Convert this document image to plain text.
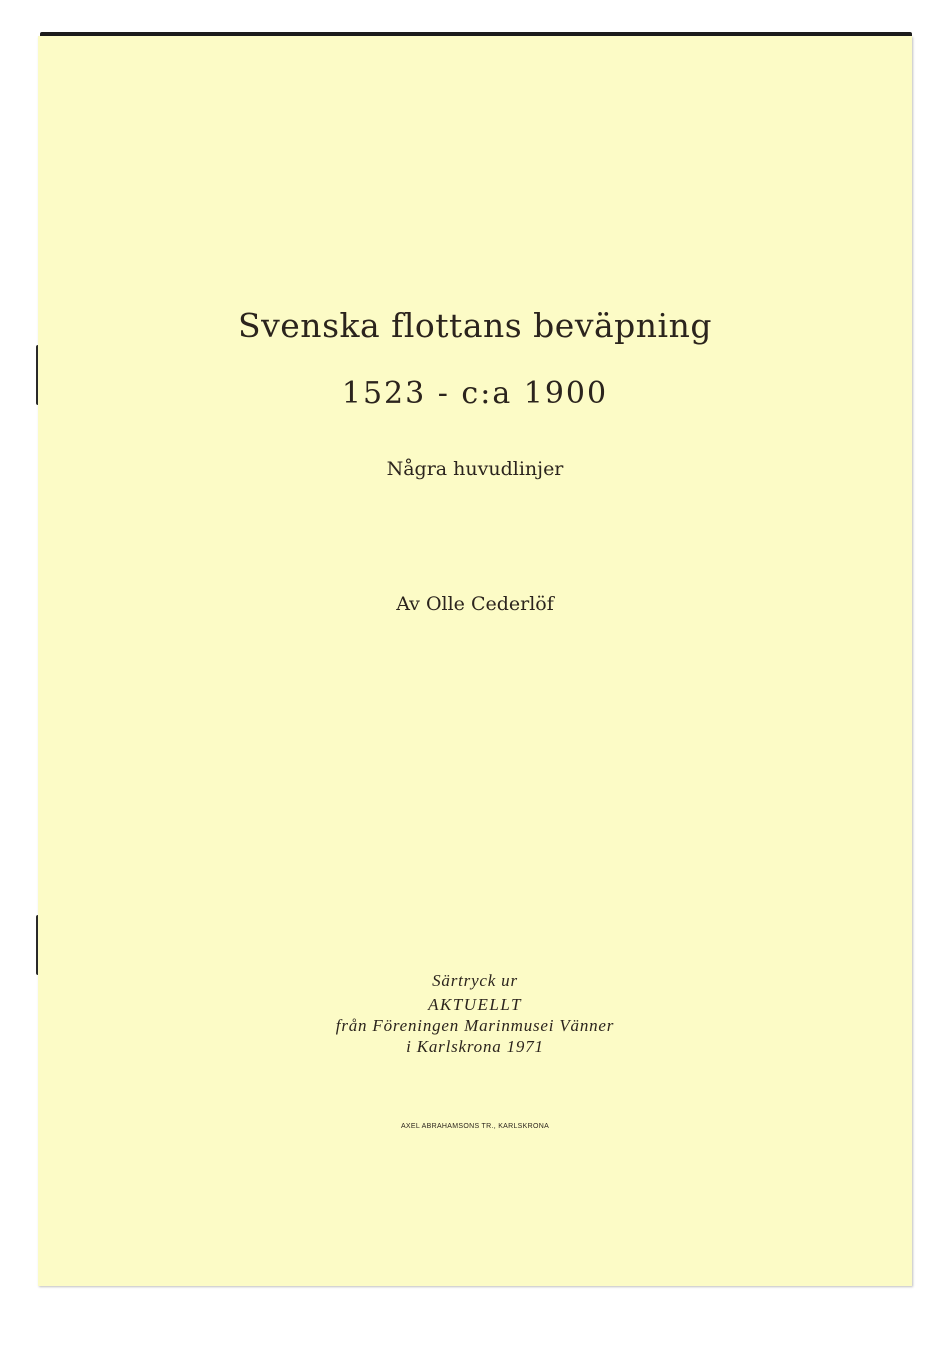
Svenska flottans beväpning
1523 - c:a 1900
Några huvudlinjer
Av Olle Cederlöf
Särtryck ur
AKTUELLT
från Föreningen Marinmusei Vänner
i Karlskrona 1971
AXEL ABRAHAMSONS TR., KARLSKRONA
